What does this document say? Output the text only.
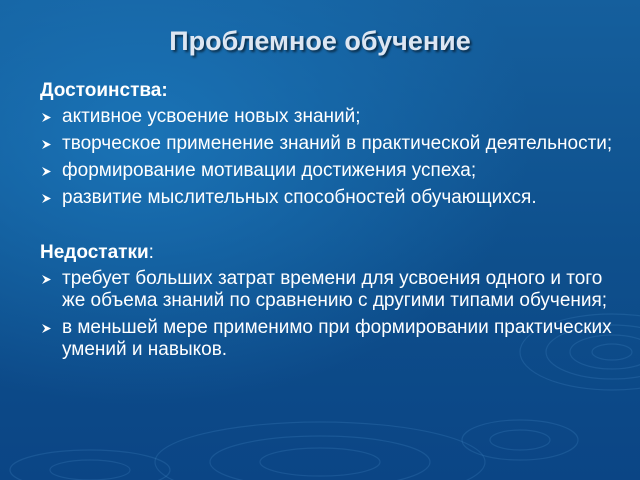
Проблемное обучение

Достоинства:

активное усвоение новых знаний;
творческое применение знаний в практической деятельности;
формирование мотивации достижения успеха;
развитие мыслительных способностей обучающихся.

Недостатки:

требует больших затрат времени для усвоения одного и того же объема знаний по сравнению с другими типами обучения;
в меньшей мере применимо при формировании практических умений и навыков.
